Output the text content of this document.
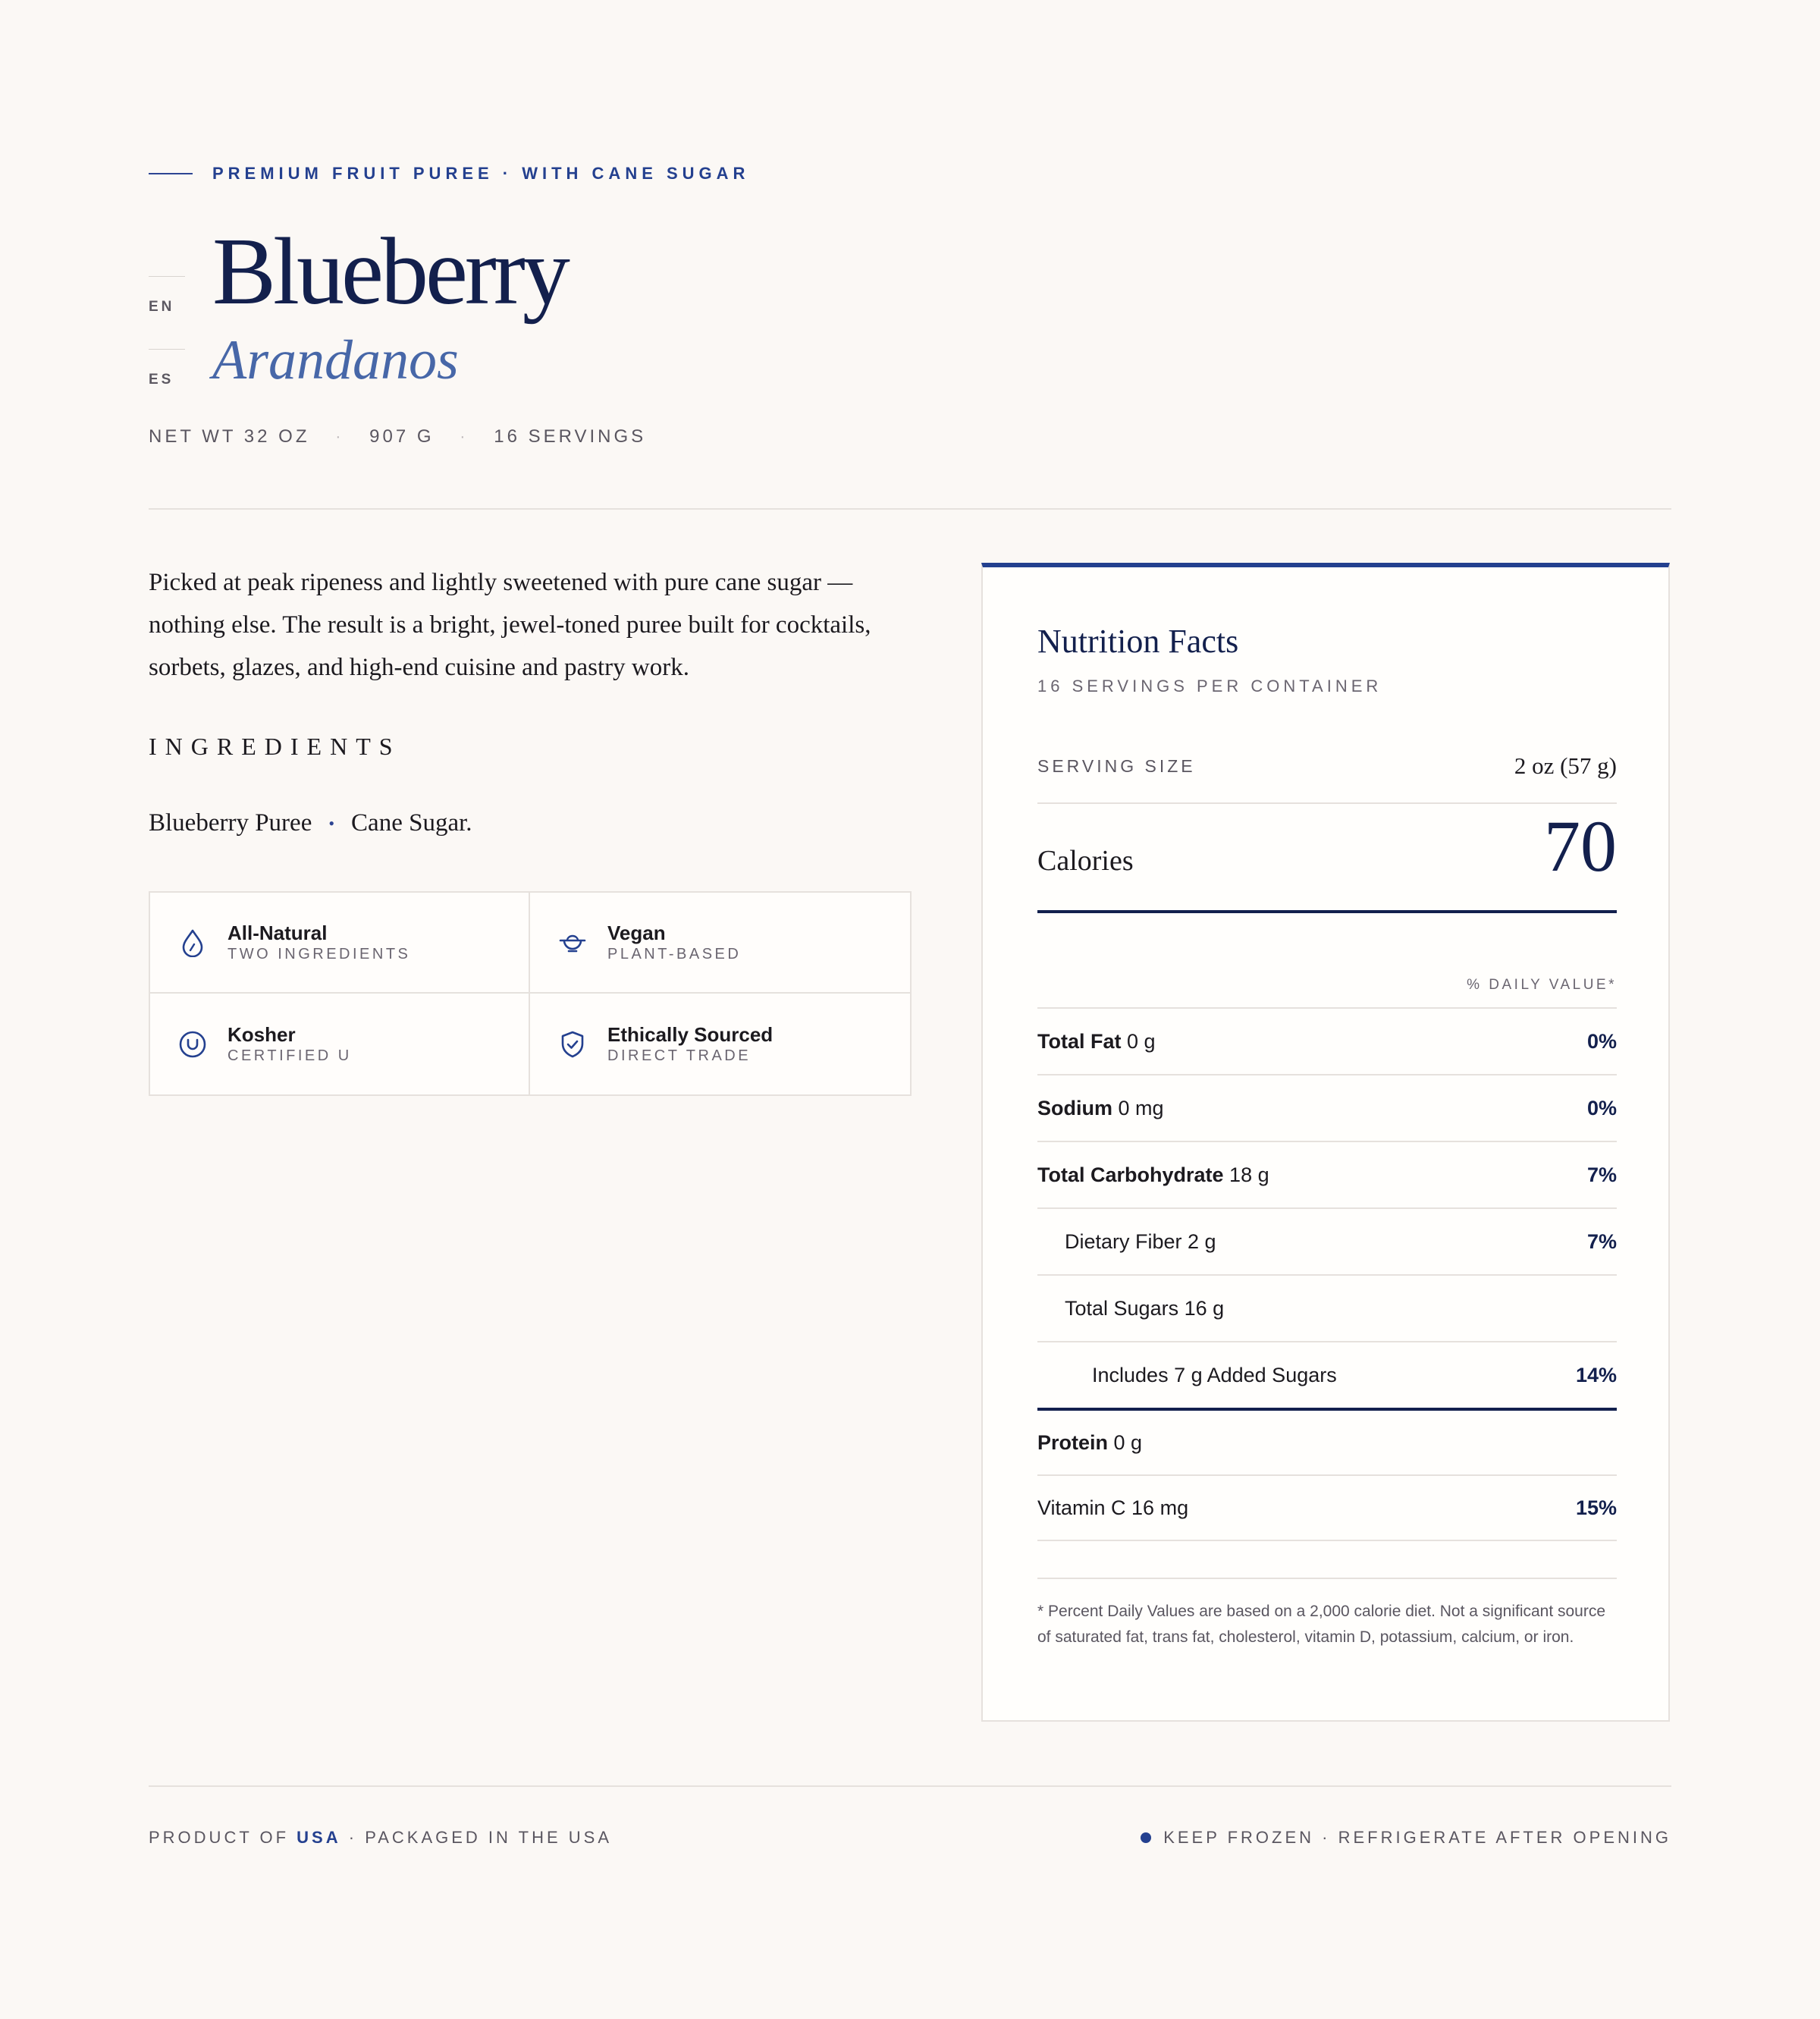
PREMIUM FRUIT PUREE · WITH CANE SUGAR
EN Blueberry
ES Arandanos
NET WT 32 OZ · 907 G · 16 SERVINGS
Picked at peak ripeness and lightly sweetened with pure cane sugar — nothing else. The result is a bright, jewel-toned puree built for cocktails, sorbets, glazes, and high-end cuisine and pastry work.
INGREDIENTS
Blueberry Puree • Cane Sugar.
All-Natural
TWO INGREDIENTS
Vegan
PLANT-BASED
Kosher
CERTIFIED U
Ethically Sourced
DIRECT TRADE
Nutrition Facts
16 SERVINGS PER CONTAINER
SERVING SIZE	2 oz (57 g)
Calories	70
% DAILY VALUE*
Total Fat 0 g	0%
Sodium 0 mg	0%
Total Carbohydrate 18 g	7%
Dietary Fiber 2 g	7%
Total Sugars 16 g
Includes 7 g Added Sugars	14%
Protein 0 g
Vitamin C 16 mg	15%
* Percent Daily Values are based on a 2,000 calorie diet. Not a significant source of saturated fat, trans fat, cholesterol, vitamin D, potassium, calcium, or iron.
PRODUCT OF USA · PACKAGED IN THE USA	KEEP FROZEN · REFRIGERATE AFTER OPENING
